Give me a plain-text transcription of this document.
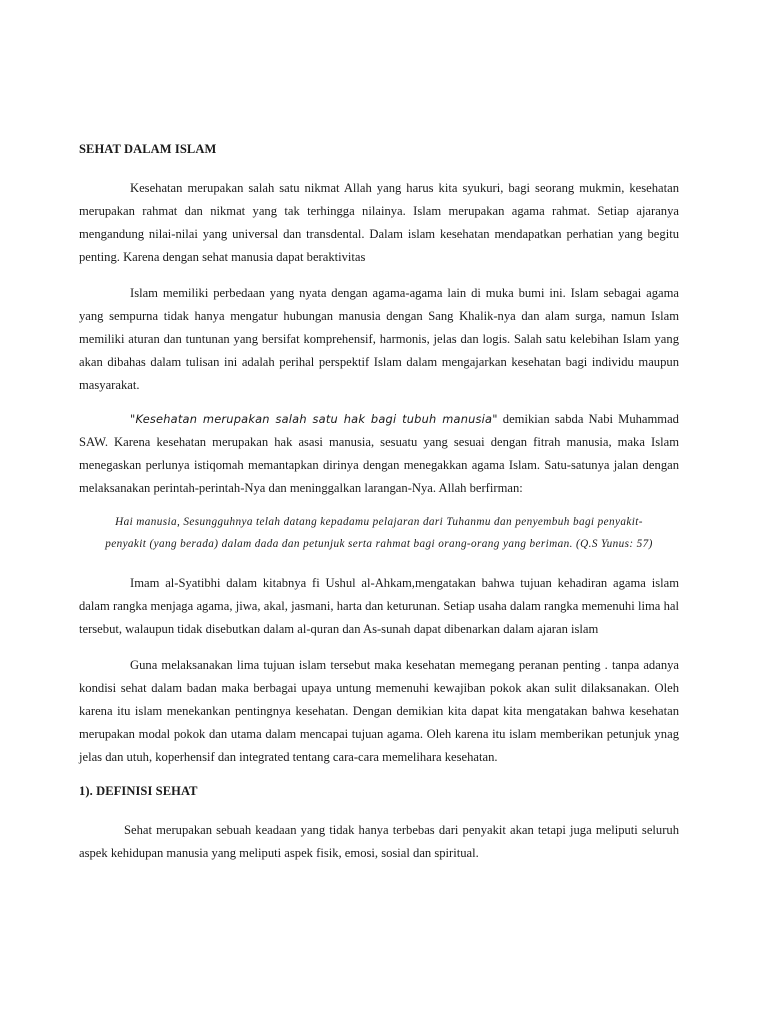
SEHAT DALAM ISLAM

Kesehatan merupakan salah satu nikmat Allah yang harus kita syukuri, bagi seorang mukmin, kesehatan merupakan rahmat dan nikmat yang tak terhingga nilainya. Islam merupakan agama rahmat. Setiap ajaranya mengandung nilai-nilai yang universal dan transdental. Dalam islam kesehatan mendapatkan perhatian yang begitu penting. Karena dengan sehat manusia dapat beraktivitas

Islam memiliki perbedaan yang nyata dengan agama-agama lain di muka bumi ini. Islam sebagai agama yang sempurna tidak hanya mengatur hubungan manusia dengan Sang Khalik-nya dan alam surga, namun Islam memiliki aturan dan tuntunan yang bersifat komprehensif, harmonis, jelas dan logis. Salah satu kelebihan Islam yang akan dibahas dalam tulisan ini adalah perihal perspektif Islam dalam mengajarkan kesehatan bagi individu maupun masyarakat.

"Kesehatan merupakan salah satu hak bagi tubuh manusia" demikian sabda Nabi Muhammad SAW. Karena kesehatan merupakan hak asasi manusia, sesuatu yang sesuai dengan fitrah manusia, maka Islam menegaskan perlunya istiqomah memantapkan dirinya dengan menegakkan agama Islam. Satu-satunya jalan dengan melaksanakan perintah-perintah-Nya dan meninggalkan larangan-Nya. Allah berfirman:

Hai manusia, Sesungguhnya telah datang kepadamu pelajaran dari Tuhanmu dan penyembuh bagi penyakit-
penyakit (yang berada) dalam dada dan petunjuk serta rahmat bagi orang-orang yang beriman. (Q.S Yunus: 57)

Imam al-Syatibhi dalam kitabnya fi Ushul al-Ahkam,mengatakan bahwa tujuan kehadiran agama islam dalam rangka menjaga agama, jiwa, akal, jasmani, harta dan keturunan. Setiap usaha dalam rangka memenuhi lima hal tersebut, walaupun tidak disebutkan dalam al-quran dan As-sunah dapat dibenarkan dalam ajaran islam

Guna melaksanakan lima tujuan islam tersebut maka kesehatan memegang peranan penting . tanpa adanya kondisi sehat dalam badan maka berbagai upaya untung memenuhi kewajiban pokok akan sulit dilaksanakan. Oleh karena itu islam menekankan pentingnya kesehatan. Dengan demikian kita dapat kita mengatakan bahwa kesehatan merupakan modal pokok dan utama dalam mencapai tujuan agama. Oleh karena itu islam memberikan petunjuk ynag jelas dan utuh, koperhensif dan integrated tentang cara-cara memelihara kesehatan.

1). DEFINISI SEHAT

Sehat merupakan sebuah keadaan yang tidak hanya terbebas dari penyakit akan tetapi juga meliputi seluruh aspek kehidupan manusia yang meliputi aspek fisik, emosi, sosial dan spiritual.
